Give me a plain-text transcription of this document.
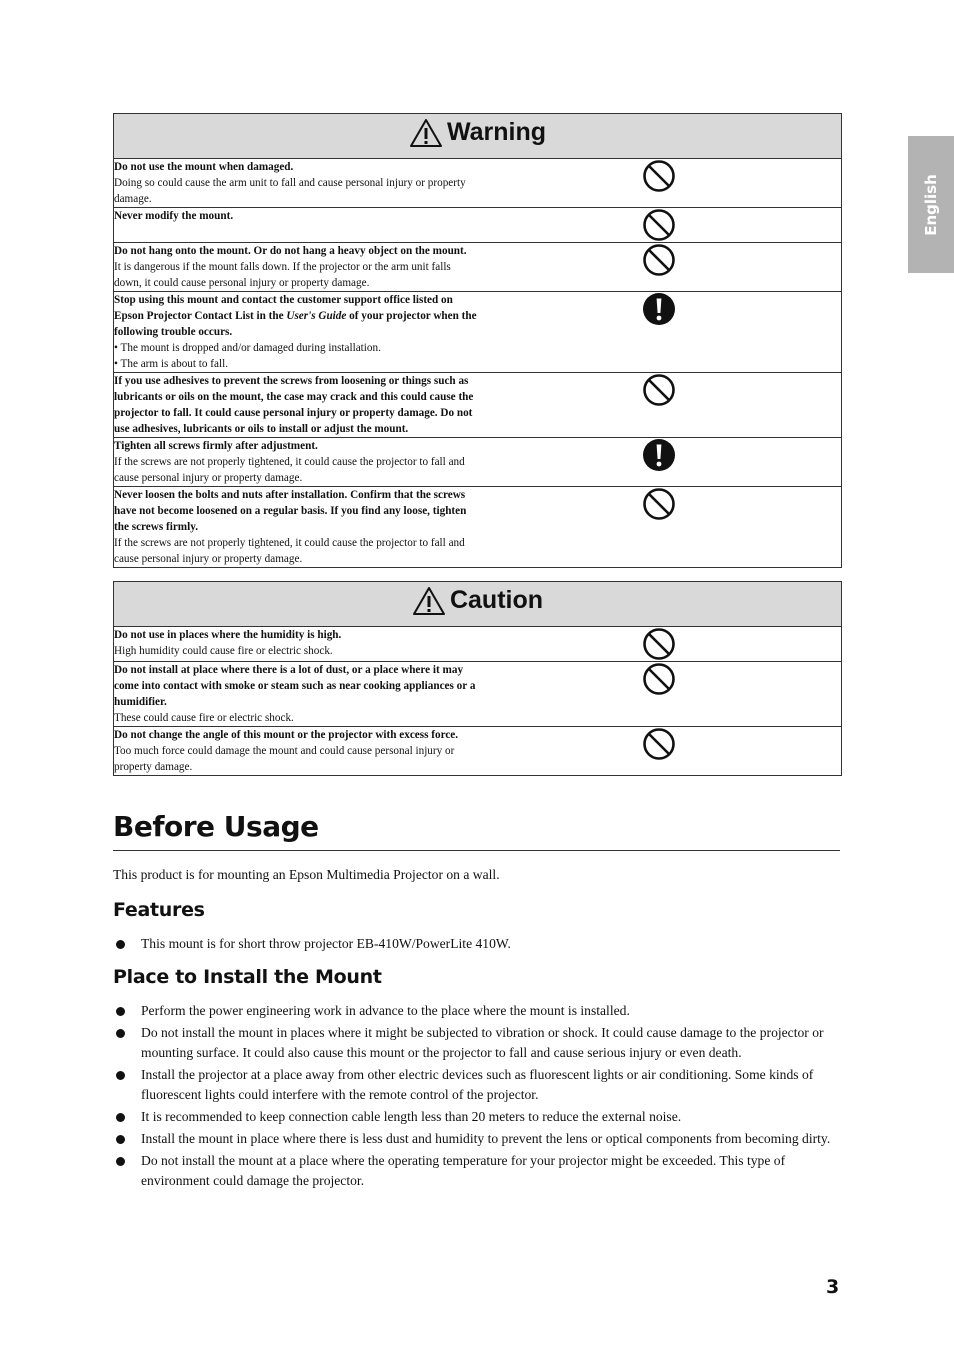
English
Warning	

Do not use the mount when damaged.
Doing so could cause the arm unit to fall and cause personal injury or property damage.

Never modify the mount.

Do not hang onto the mount. Or do not hang a heavy object on the mount.
It is dangerous if the mount falls down. If the projector or the arm unit falls down, it could cause personal injury or property damage.

Stop using this mount and contact the customer support office listed on Epson Projector Contact List in the User's Guide of your projector when the following trouble occurs.
• The mount is dropped and/or damaged during installation.
• The arm is about to fall.

If you use adhesives to prevent the screws from loosening or things such as lubricants or oils on the mount, the case may crack and this could cause the projector to fall. It could cause personal injury or property damage. Do not use adhesives, lubricants or oils to install or adjust the mount.

Tighten all screws firmly after adjustment.
If the screws are not properly tightened, it could cause the projector to fall and cause personal injury or property damage.

Never loosen the bolts and nuts after installation. Confirm that the screws have not become loosened on a regular basis. If you find any loose, tighten the screws firmly.
If the screws are not properly tightened, it could cause the projector to fall and cause personal injury or property damage.

Caution	

Do not use in places where the humidity is high.
High humidity could cause fire or electric shock.

Do not install at place where there is a lot of dust, or a place where it may come into contact with smoke or steam such as near cooking appliances or a humidifier.
These could cause fire or electric shock.

Do not change the angle of this mount or the projector with excess force.
Too much force could damage the mount and could cause personal injury or property damage.

Before Usage
This product is for mounting an Epson Multimedia Projector on a wall.
Features
This mount is for short throw projector EB-410W/PowerLite 410W.
Place to Install the Mount
Perform the power engineering work in advance to the place where the mount is installed.
Do not install the mount in places where it might be subjected to vibration or shock. It could cause damage to the projector or mounting surface. It could also cause this mount or the projector to fall and cause serious injury or even death.
Install the projector at a place away from other electric devices such as fluorescent lights or air conditioning. Some kinds of fluorescent lights could interfere with the remote control of the projector.
It is recommended to keep connection cable length less than 20 meters to reduce the external noise.
Install the mount in place where there is less dust and humidity to prevent the lens or optical components from becoming dirty.
Do not install the mount at a place where the operating temperature for your projector might be exceeded. This type of environment could damage the projector.
3
